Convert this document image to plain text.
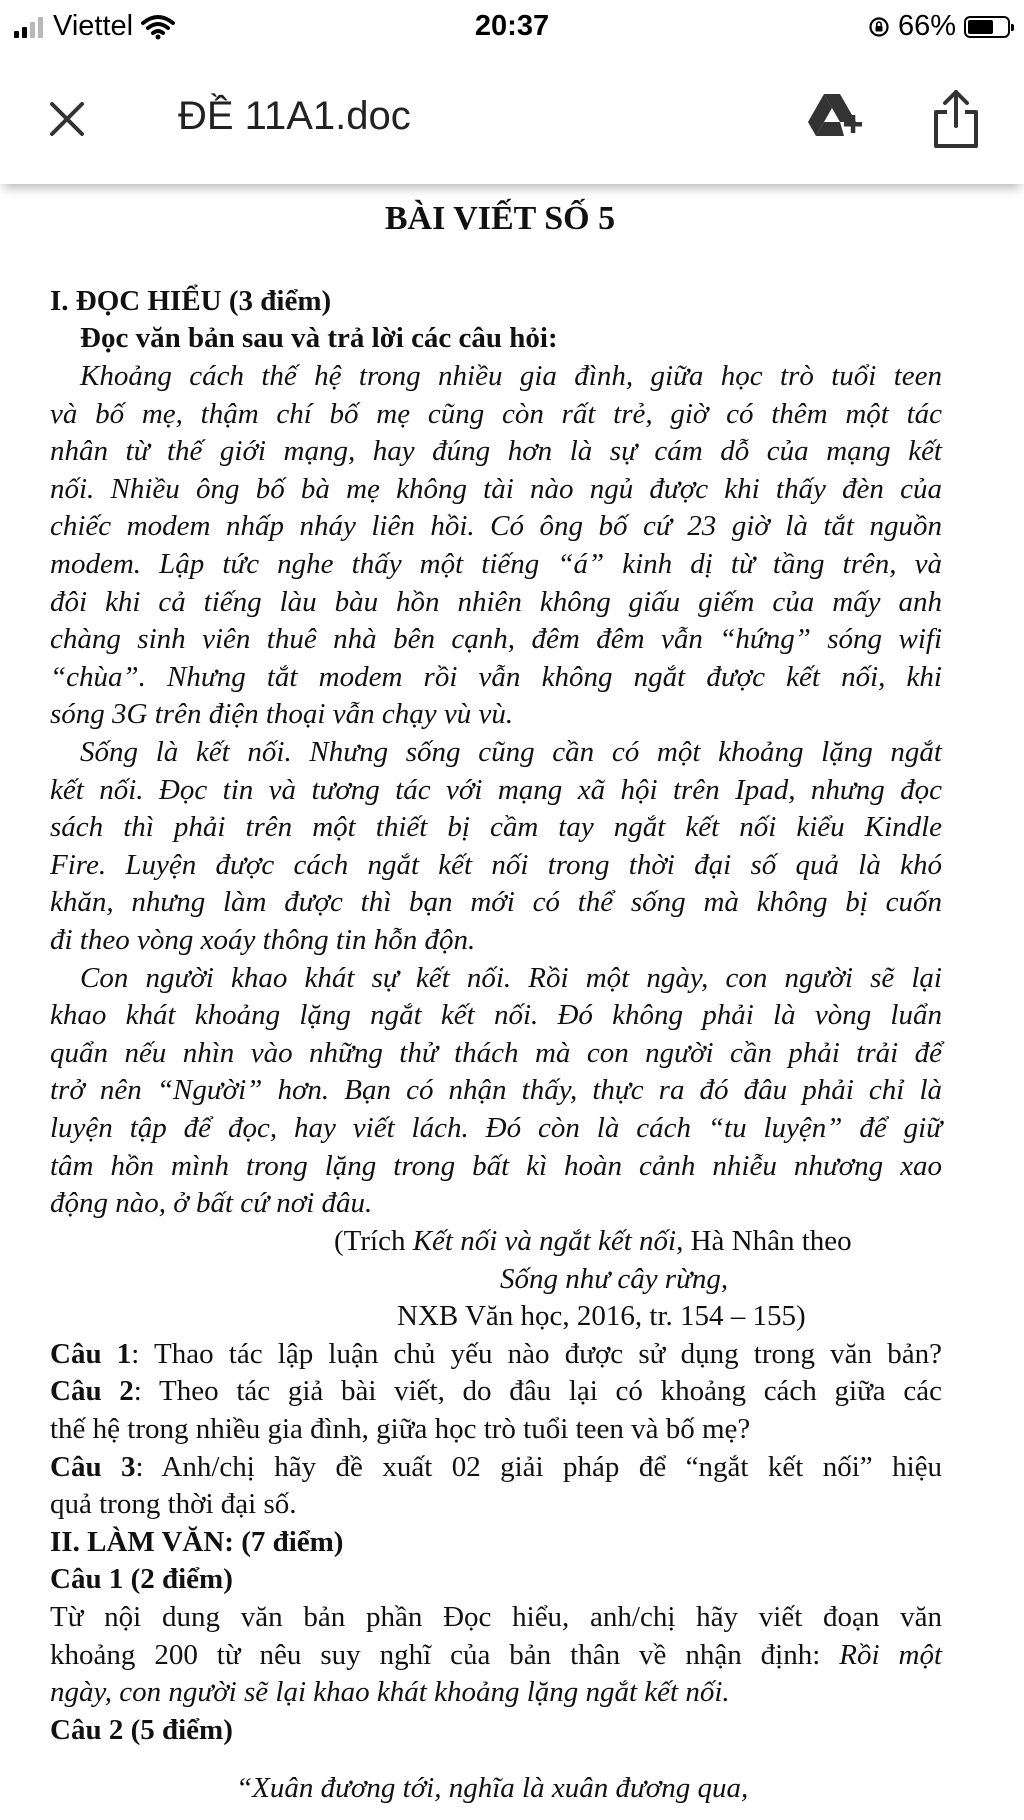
Viettel	20:37	66%
ĐỀ 11A1.doc
BÀI VIẾT SỐ 5
I. ĐỌC HIỂU (3 điểm)
Đọc văn bản sau và trả lời các câu hỏi:
Khoảng cách thế hệ trong nhiều gia đình, giữa học trò tuổi teen
và bố mẹ, thậm chí bố mẹ cũng còn rất trẻ, giờ có thêm một tác
nhân từ thế giới mạng, hay đúng hơn là sự cám dỗ của mạng kết
nối. Nhiều ông bố bà mẹ không tài nào ngủ được khi thấy đèn của
chiếc modem nhấp nháy liên hồi. Có ông bố cứ 23 giờ là tắt nguồn
modem. Lập tức nghe thấy một tiếng “á” kinh dị từ tầng trên, và
đôi khi cả tiếng làu bàu hồn nhiên không giấu giếm của mấy anh
chàng sinh viên thuê nhà bên cạnh, đêm đêm vẫn “hứng” sóng wifi
“chùa”. Nhưng tắt modem rồi vẫn không ngắt được kết nối, khi
sóng 3G trên điện thoại vẫn chạy vù vù.
Sống là kết nối. Nhưng sống cũng cần có một khoảng lặng ngắt
kết nối. Đọc tin và tương tác với mạng xã hội trên Ipad, nhưng đọc
sách thì phải trên một thiết bị cầm tay ngắt kết nối kiểu Kindle
Fire. Luyện được cách ngắt kết nối trong thời đại số quả là khó
khăn, nhưng làm được thì bạn mới có thể sống mà không bị cuốn
đi theo vòng xoáy thông tin hỗn độn.
Con người khao khát sự kết nối. Rồi một ngày, con người sẽ lại
khao khát khoảng lặng ngắt kết nối. Đó không phải là vòng luẩn
quẩn nếu nhìn vào những thử thách mà con người cần phải trải để
trở nên “Người” hơn. Bạn có nhận thấy, thực ra đó đâu phải chỉ là
luyện tập để đọc, hay viết lách. Đó còn là cách “tu luyện” để giữ
tâm hồn mình trong lặng trong bất kì hoàn cảnh nhiễu nhương xao
động nào, ở bất cứ nơi đâu.
(Trích Kết nối và ngắt kết nối, Hà Nhân theo
Sống như cây rừng,
NXB Văn học, 2016, tr. 154 – 155)
Câu 1: Thao tác lập luận chủ yếu nào được sử dụng trong văn bản?
Câu 2: Theo tác giả bài viết, do đâu lại có khoảng cách giữa các
thế hệ trong nhiều gia đình, giữa học trò tuổi teen và bố mẹ?
Câu 3: Anh/chị hãy đề xuất 02 giải pháp để “ngắt kết nối” hiệu
quả trong thời đại số.
II. LÀM VĂN: (7 điểm)
Câu 1 (2 điểm)
Từ nội dung văn bản phần Đọc hiểu, anh/chị hãy viết đoạn văn
khoảng 200 từ nêu suy nghĩ của bản thân về nhận định: Rồi một
ngày, con người sẽ lại khao khát khoảng lặng ngắt kết nối.
Câu 2 (5 điểm)
“Xuân đương tới, nghĩa là xuân đương qua,
